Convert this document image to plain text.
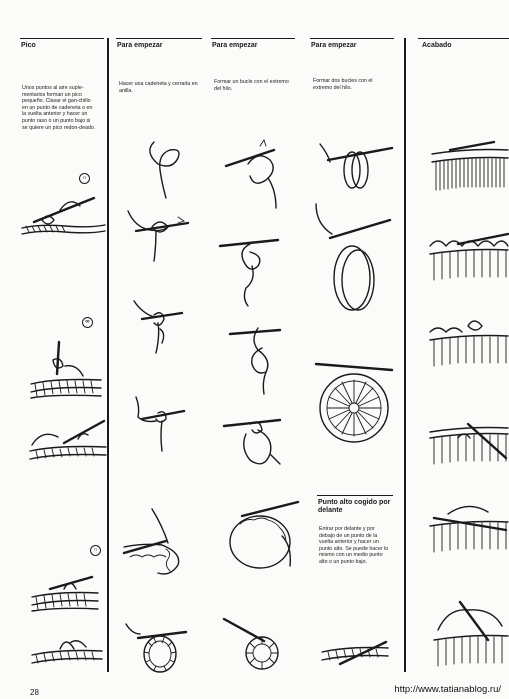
Pico
Unos puntos al aire suple-mentarios forman un pico pequeño. Clavar el gan-chillo en un punto de cadeneta o en la vuelta anterior y hacer un punto raso o un punto bajo si se quiere un pico redon-deado.
∩
∞
∩
Para empezar
Hacer una cadeneta y cerrarla en anilla.
Para empezar
Formar un bucle con el extremo del hilo.
Para empezar
Formar dos bucles con el extremo del hilo.
Punto alto cogido por delante
Entrar por delante y por debajo de un punto de la vuelta anterior y hacer un punto alto. Se puede hacer lo mismo con un medio punto alto o un punto bajo.
Acabado
28	http://www.tatianablog.ru/
